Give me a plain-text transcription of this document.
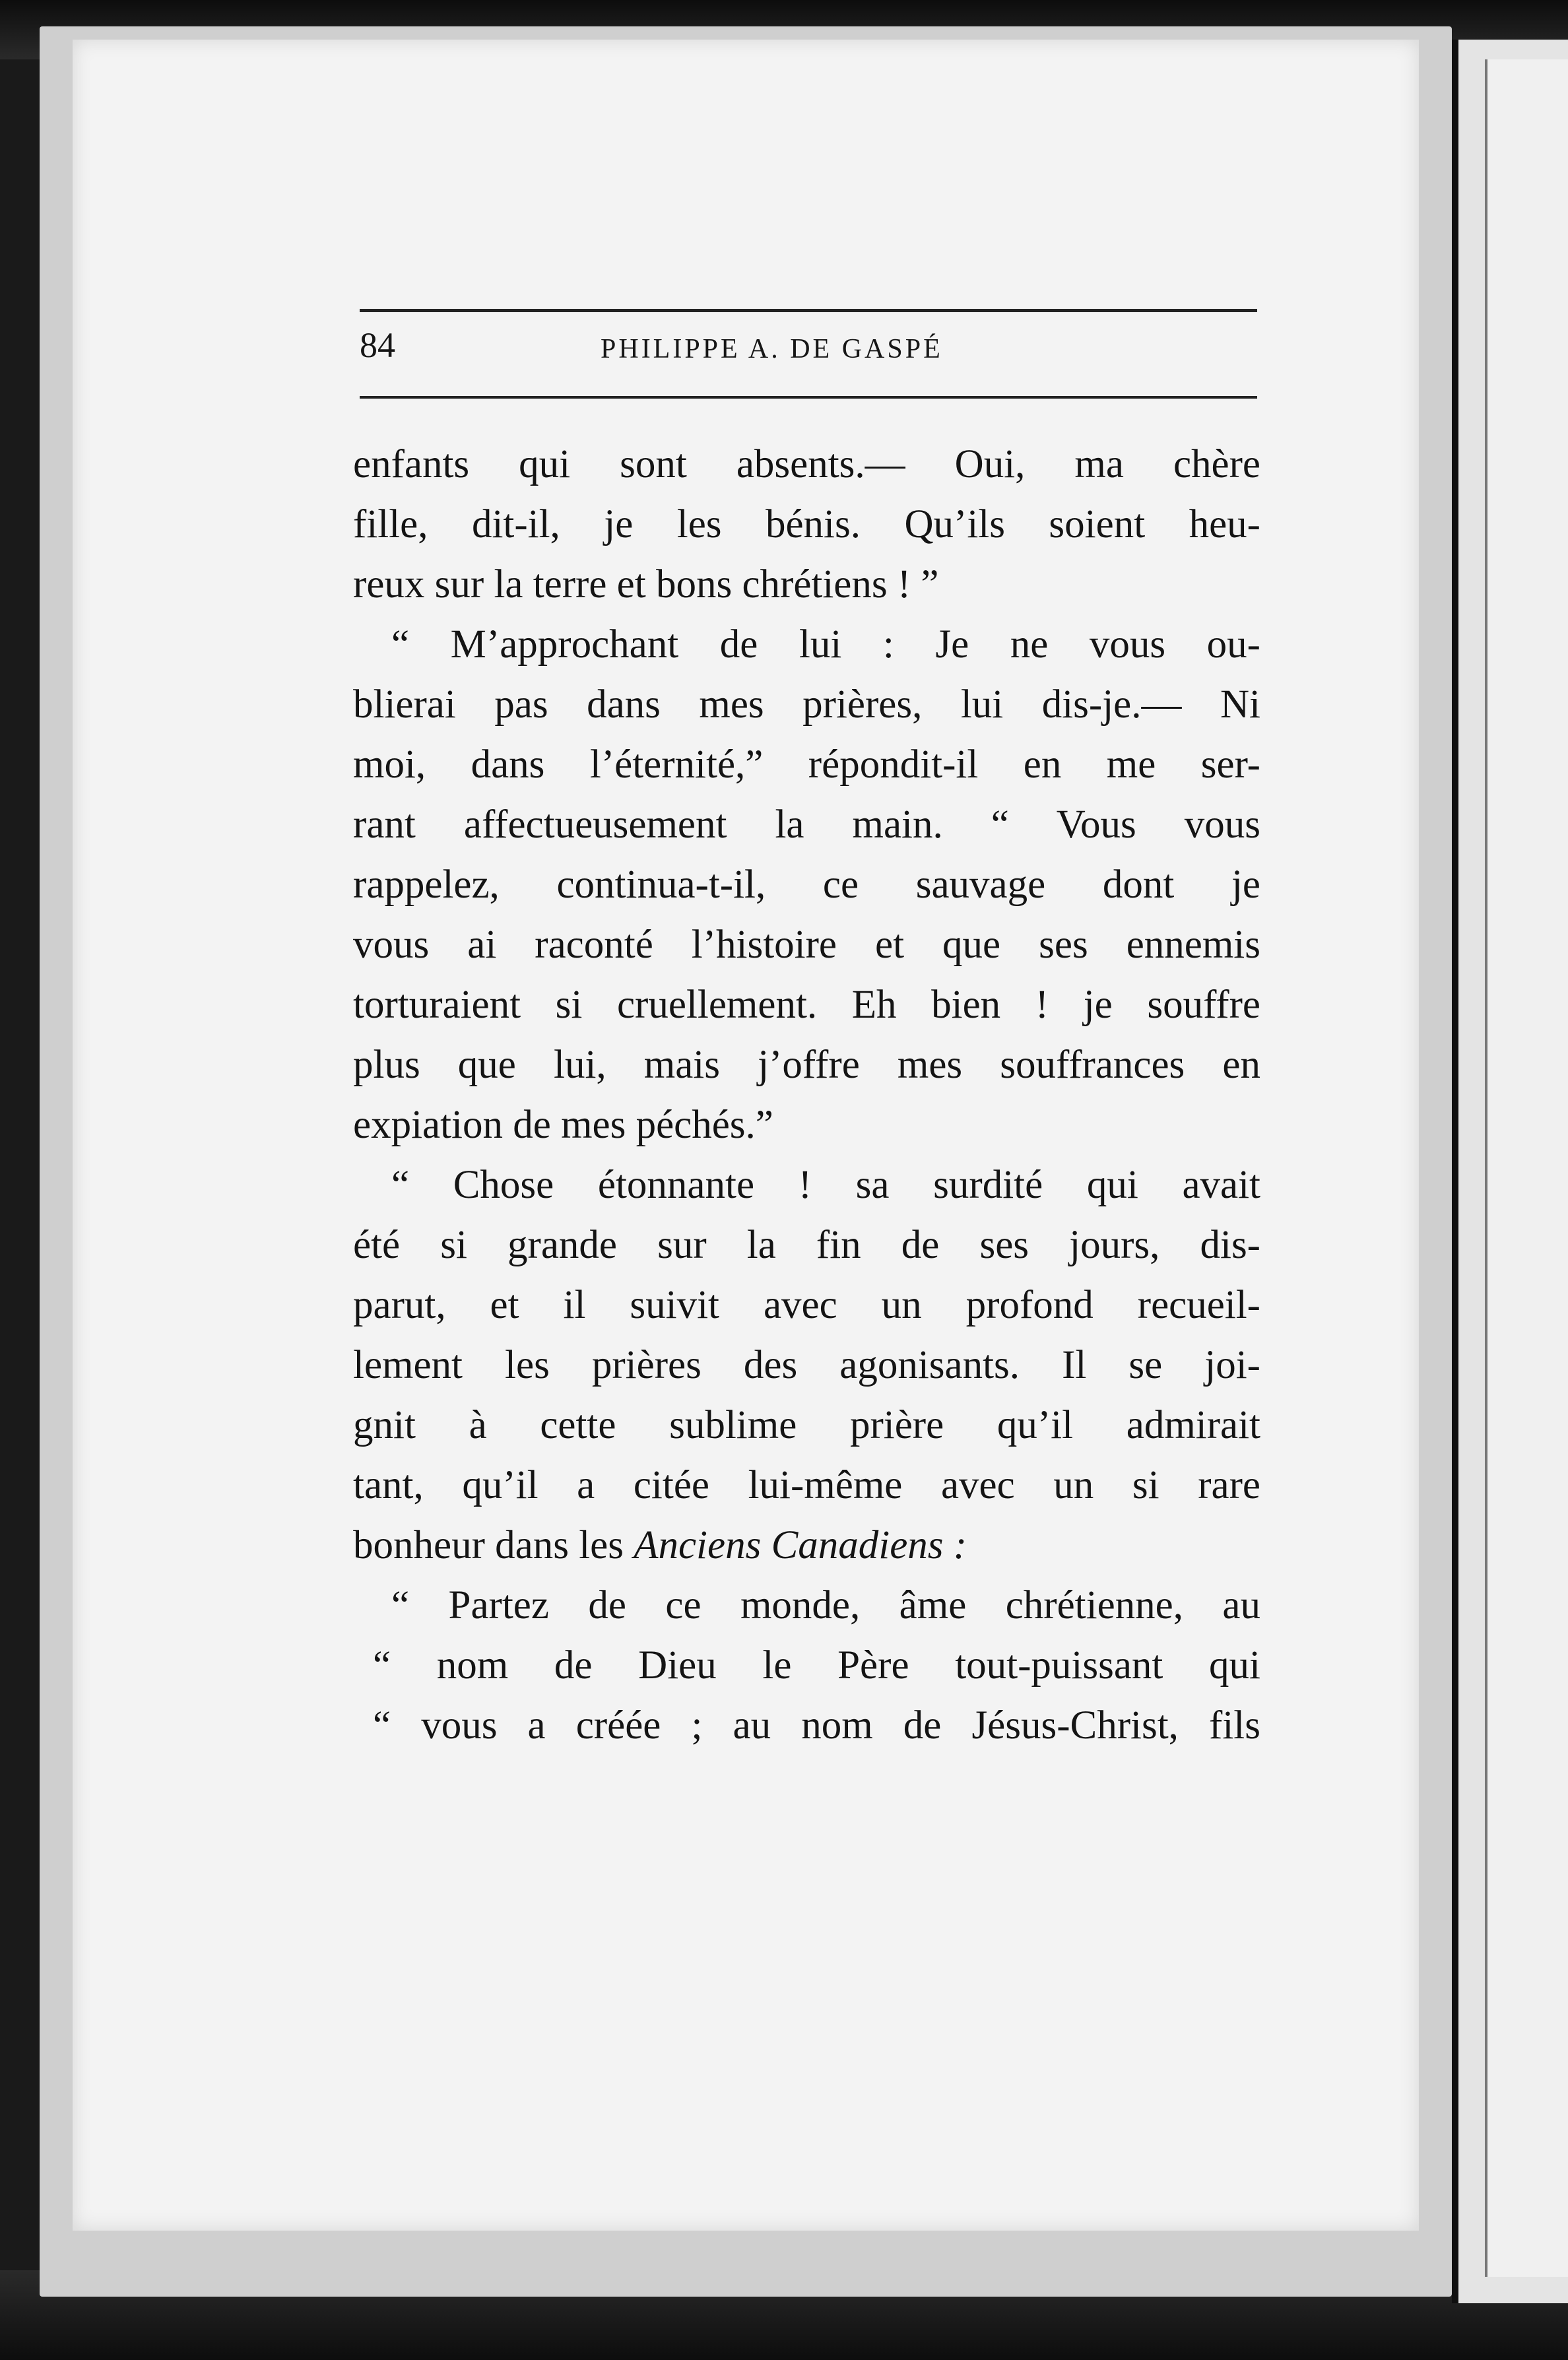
84	PHILIPPE A. DE GASPÉ
enfants qui sont absents.— Oui, ma chère
fille, dit-il, je les bénis. Qu’ils soient heu-
reux sur la terre et bons chrétiens ! ”
“ M’approchant de lui : Je ne vous ou-
blierai pas dans mes prières, lui dis-je.— Ni
moi, dans l’éternité,” répondit-il en me ser-
rant affectueusement la main. “ Vous vous
rappelez, continua-t-il, ce sauvage dont je
vous ai raconté l’histoire et que ses ennemis
torturaient si cruellement. Eh bien ! je souffre
plus que lui, mais j’offre mes souffrances en
expiation de mes péchés.”
“ Chose étonnante ! sa surdité qui avait
été si grande sur la fin de ses jours, dis-
parut, et il suivit avec un profond recueil-
lement les prières des agonisants. Il se joi-
gnit à cette sublime prière qu’il admirait
tant, qu’il a citée lui-même avec un si rare
bonheur dans les Anciens Canadiens :
“ Partez de ce monde, âme chrétienne, au
“ nom de Dieu le Père tout-puissant qui
“ vous a créée ; au nom de Jésus-Christ, fils
